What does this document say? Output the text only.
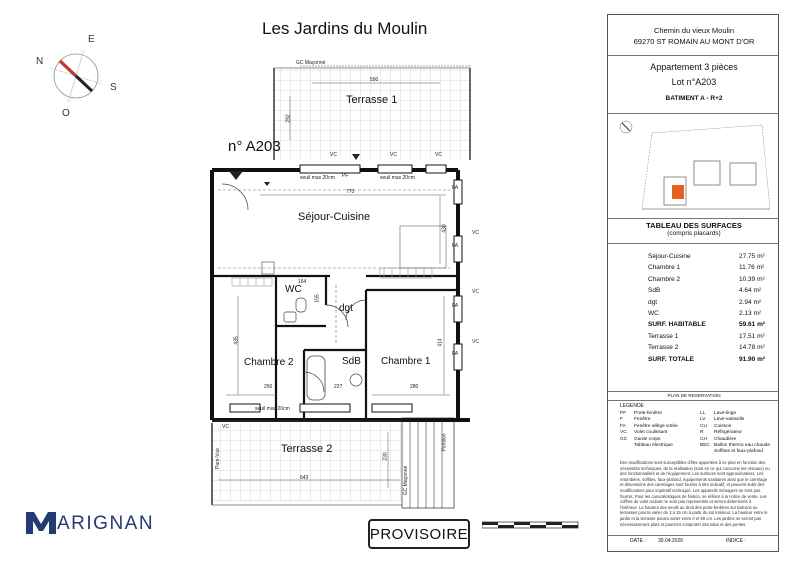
Les Jardins du Moulin
N
E
S
O
Terrasse 1
Séjour-Cuisine
WC
dgt
SdB Chambre 1
Chambre 2
Terrasse 2
n° A203
590
292
770
430
164
155
250
435
227	280
414
643
230
GC Maçonné
GC Maçonné
VC	VC	VC
VC
VC
VC
VC
PF
FA
FA
FA
FA
seuil max 20cm	seuil max 20cm
seuil max 20cm
Pare-Vue
Portillon
Chemin du vieux Moulin
69270 ST ROMAIN AU MONT D'OR
Appartement 3 pièces
Lot n°A203
BATIMENT A - R+2
TABLEAU DES SURFACES
(compris placards)
Séjour-Cuisine	27.75 m²
Chambre 1	11.76 m²
Chambre 2	10.39 m²
SdB	4.64 m²
dgt	2.94 m²
WC	2.13 m²
SURF. HABITABLE	59.61 m²
Terrasse 1	17.51 m²
Terrasse 2	14.78 m²
SURF. TOTALE	91.90 m²
PLAN DE RESERVATION
LEGENDE
PF Porte-fenêtre
F Fenêtre
FA Fenêtre allège vitrée
VC Volet coulissant
GC Garde corps
Tableau électrique
LL Lave-linge
LV Lave-vaisselle
CU Cuisson
R Réfrigérateur
CH Chaudière
BEC Ballon thermo eau chaude
Soffites et faux-plafond
Des modifications sont susceptibles d'être apportées à ce plan en fonction des nécessités techniques, de la réalisation (sont en ce qui concerne les réseaux) ou des fonctionnalités et de l'équipement. Les surfaces sont approximatives. Les retombées, soffites, faux-plafond, équipements sanitaires ainsi que le carrelage et dimensions des carrelages sont fournis à titre indicatif, et peuvent subir des modifications pour impératif technique. Les appareils ménagers ne sont pas fournis. Pour les caractéristiques de finition, se référer à la notice de vente. Les coffres de volet roulant ne sont pas représentés et seront déterminés à l'intérieur. La hauteur des seuils au droit des porte-fenêtres sur balcons ou terrasses pourra varier de 3 à 15 cm à partir du sol intérieur. La hauteur entre le jardin et la terrasse pourra varier entre 0 et 60 cm. Les jardins ne seront pas nécessairement plats et pourront comporter des talus et des pentes.
DATE : 30.04.2026	INDICE :
ARIGNAN	PROVISOIRE
